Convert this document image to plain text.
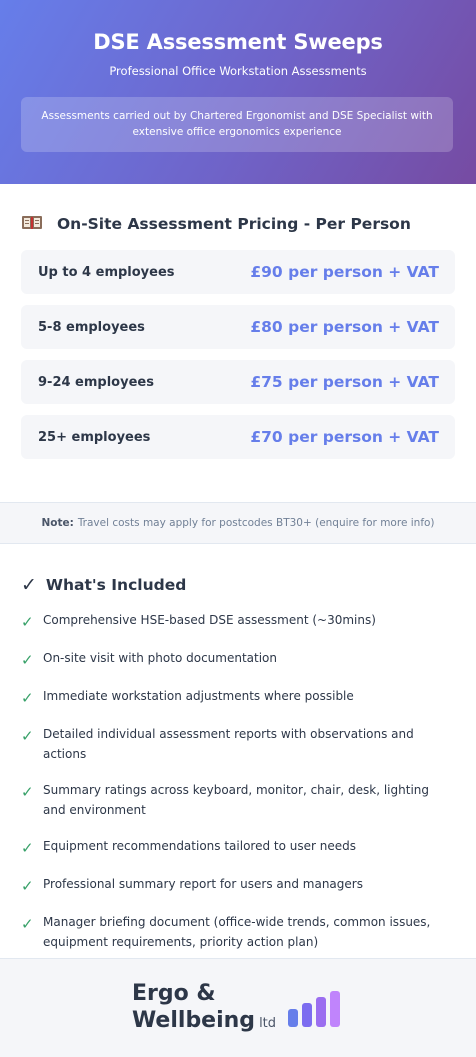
DSE Assessment Sweeps
Professional Office Workstation Assessments
Assessments carried out by Chartered Ergonomist and DSE Specialist with extensive office ergonomics experience
On-Site Assessment Pricing - Per Person
Up to 4 employees	£90 per person + VAT
5-8 employees	£80 per person + VAT
9-24 employees	£75 per person + VAT
25+ employees	£70 per person + VAT
Note: Travel costs may apply for postcodes BT30+ (enquire for more info)
✓ What's Included
✓ Comprehensive HSE-based DSE assessment (~30mins)
✓ On-site visit with photo documentation
✓ Immediate workstation adjustments where possible
✓ Detailed individual assessment reports with observations and actions
✓ Summary ratings across keyboard, monitor, chair, desk, lighting and environment
✓ Equipment recommendations tailored to user needs
✓ Professional summary report for users and managers
✓ Manager briefing document (office-wide trends, common issues, equipment requirements, priority action plan)
Ergo &
Wellbeing ltd
